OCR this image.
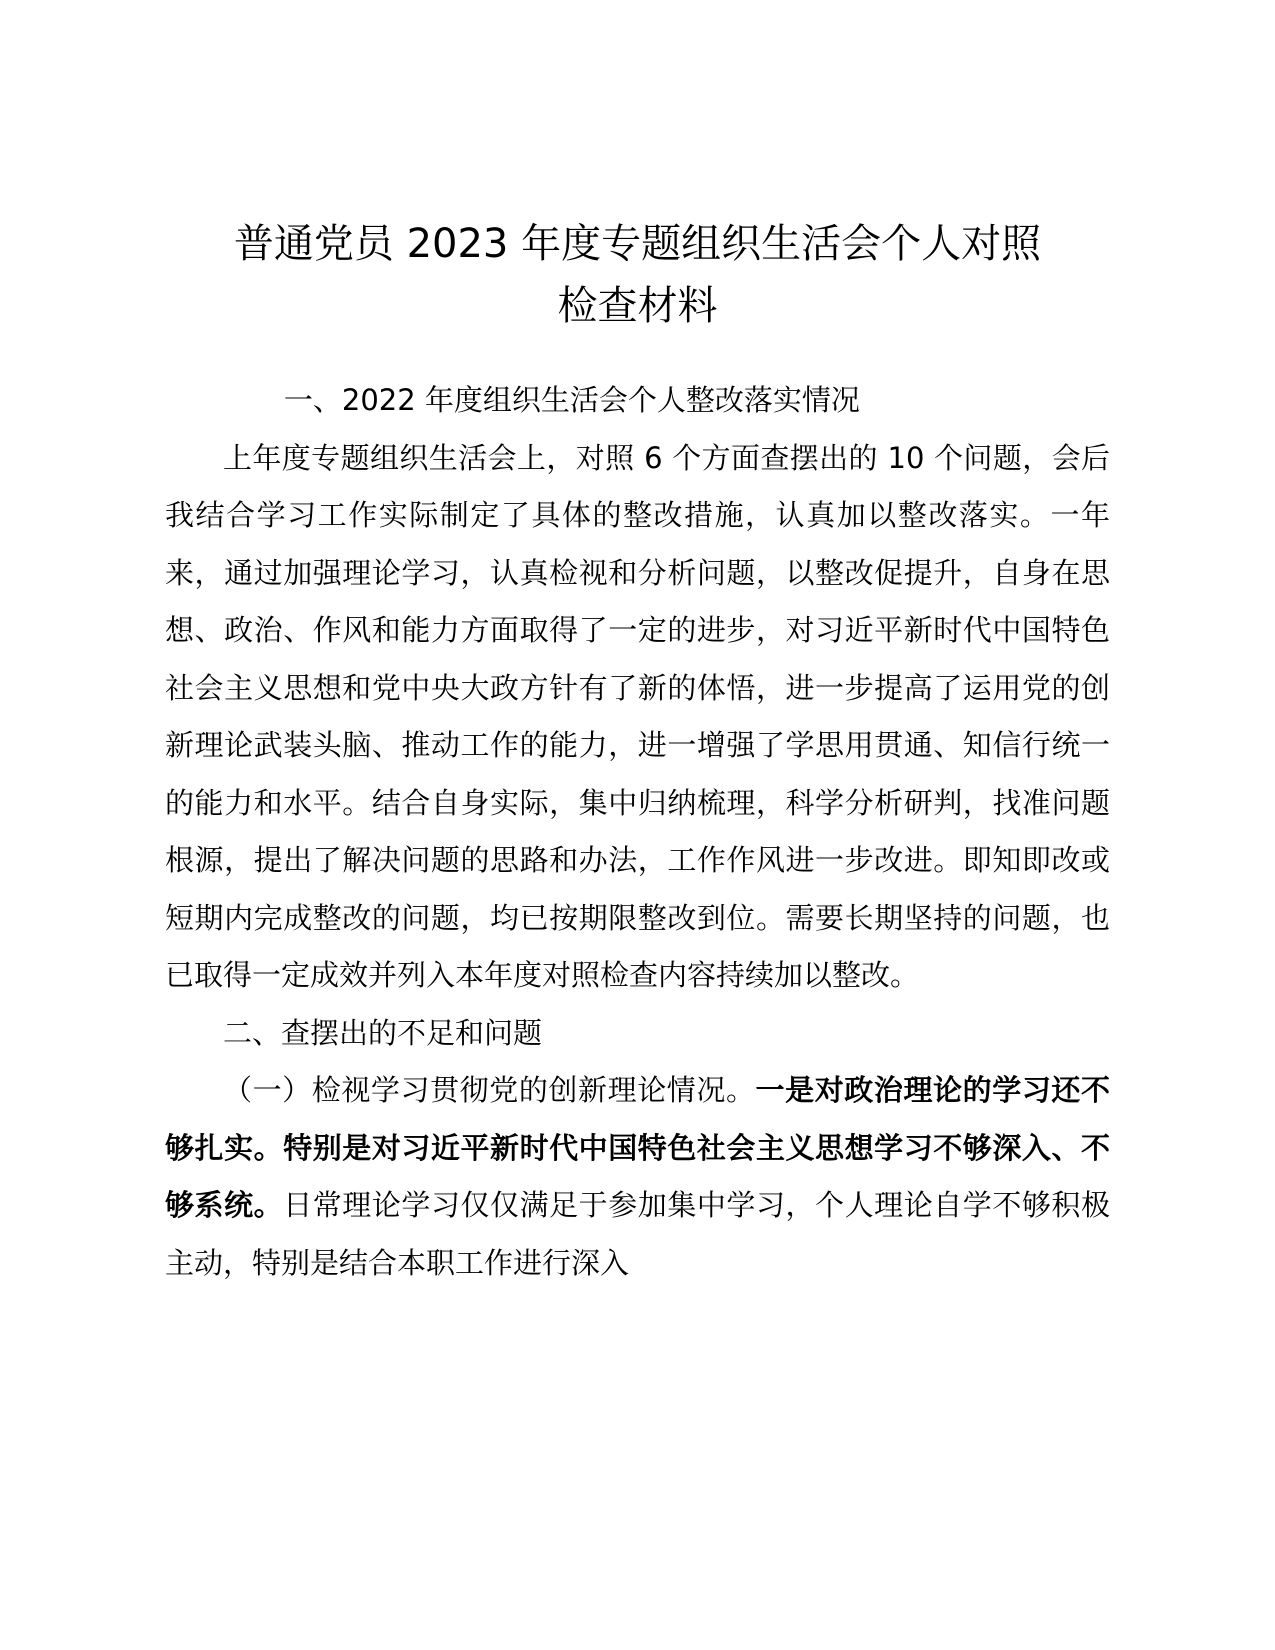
普通党员 2023 年度专题组织生活会个人对照
检查材料

一、2022 年度组织生活会个人整改落实情况

上年度专题组织生活会上，对照 6 个方面查摆出的 10 个问题，会后我结合学习工作实际制定了具体的整改措施，认真加以整改落实。一年来，通过加强理论学习，认真检视和分析问题，以整改促提升，自身在思想、政治、作风和能力方面取得了一定的进步，对习近平新时代中国特色社会主义思想和党中央大政方针有了新的体悟，进一步提高了运用党的创新理论武装头脑、推动工作的能力，进一增强了学思用贯通、知信行统一的能力和水平。结合自身实际，集中归纳梳理，科学分析研判，找准问题根源，提出了解决问题的思路和办法，工作作风进一步改进。即知即改或短期内完成整改的问题，均已按期限整改到位。需要长期坚持的问题，也已取得一定成效并列入本年度对照检查内容持续加以整改。

二、查摆出的不足和问题

（一）检视学习贯彻党的创新理论情况。一是对政治理论的学习还不够扎实。特别是对习近平新时代中国特色社会主义思想学习不够深入、不够系统。日常理论学习仅仅满足于参加集中学习，个人理论自学不够积极主动，特别是结合本职工作进行深入
